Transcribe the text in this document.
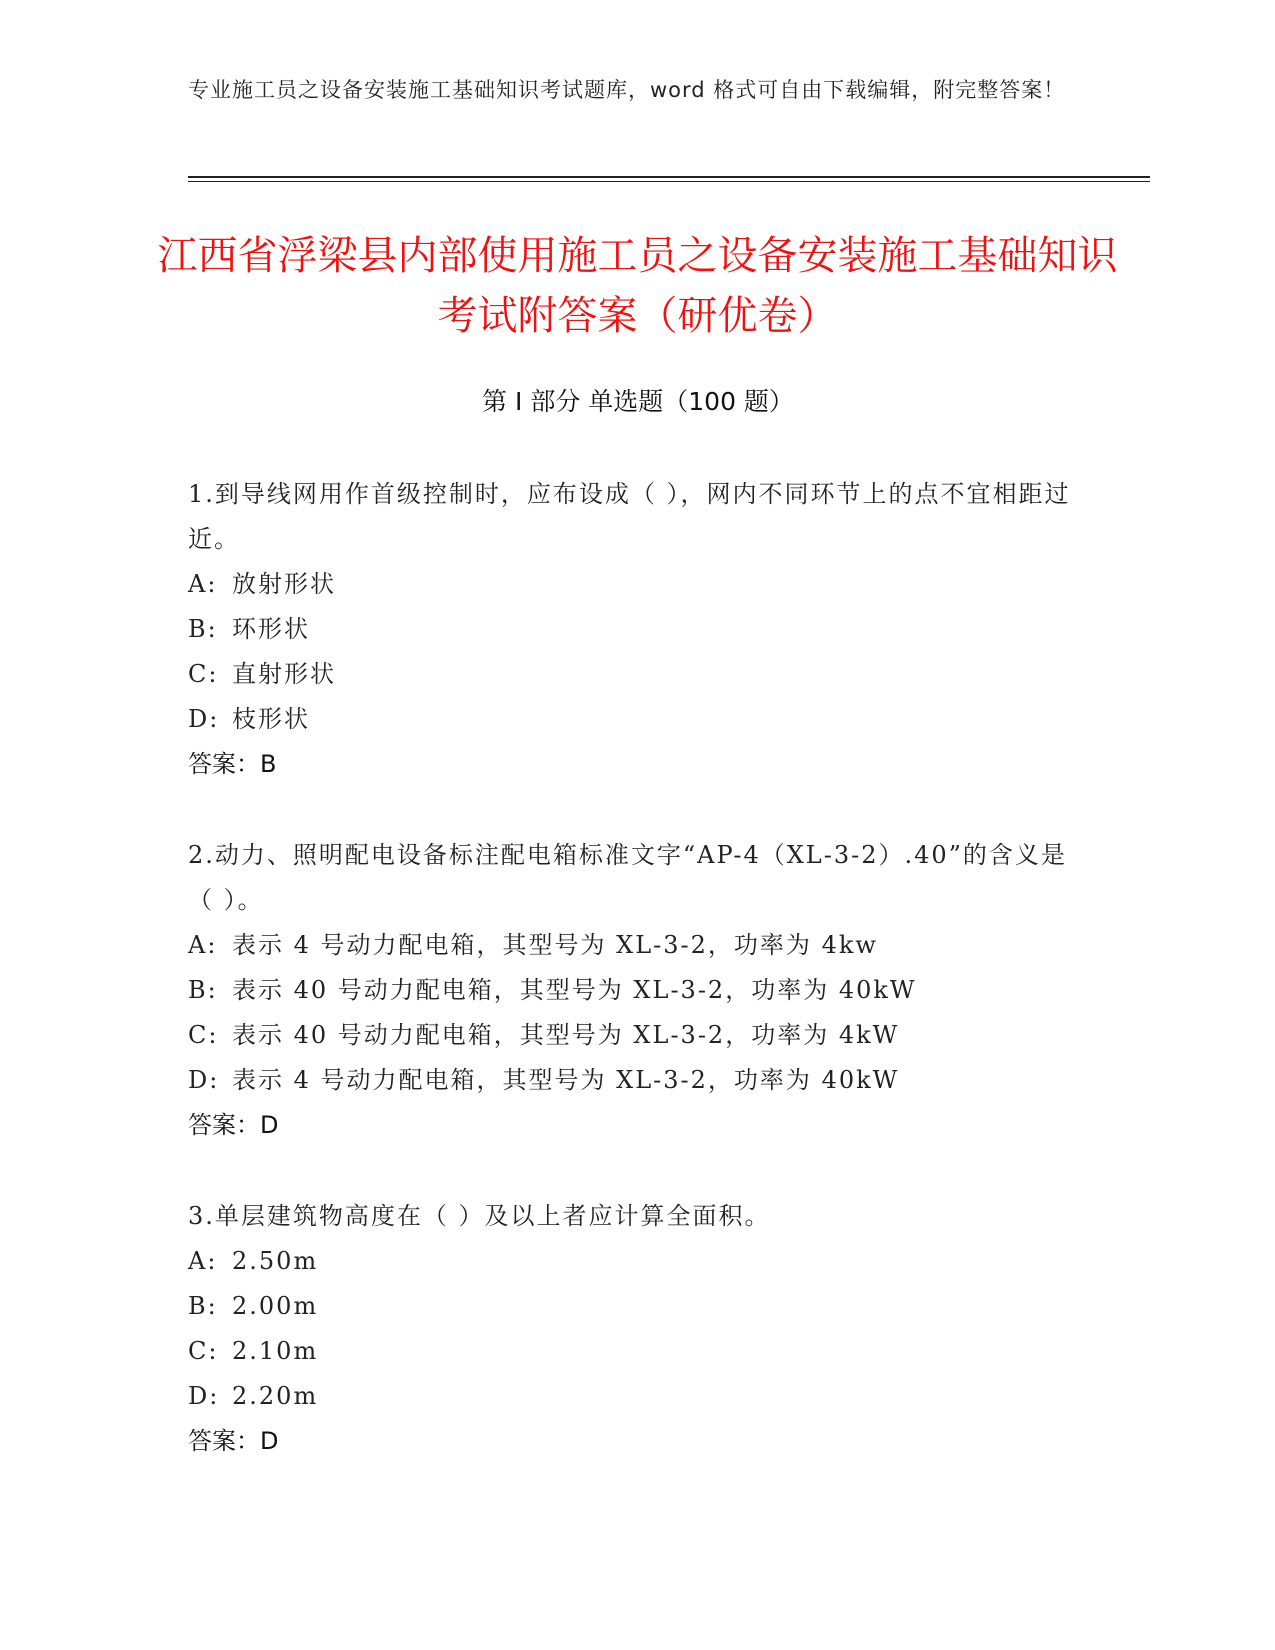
专业施工员之设备安装施工基础知识考试题库，word 格式可自由下载编辑，附完整答案！
江西省浮梁县内部使用施工员之设备安装施工基础知识考试附答案（研优卷）
第 I 部分 单选题（100 题）
1.到导线网用作首级控制时，应布设成（ ），网内不同环节上的点不宜相距过近。
A: 放射形状
B: 环形状
C: 直射形状
D: 枝形状
答案：B
2.动力、照明配电设备标注配电箱标准文字“AP-4（XL-3-2）.40”的含义是（ ）。
A: 表示 4 号动力配电箱，其型号为 XL-3-2，功率为 4kw
B: 表示 40 号动力配电箱，其型号为 XL-3-2，功率为 40kW
C: 表示 40 号动力配电箱，其型号为 XL-3-2，功率为 4kW
D: 表示 4 号动力配电箱，其型号为 XL-3-2，功率为 40kW
答案：D
3.单层建筑物高度在（ ）及以上者应计算全面积。
A: 2.50m
B: 2.00m
C: 2.10m
D: 2.20m
答案：D
